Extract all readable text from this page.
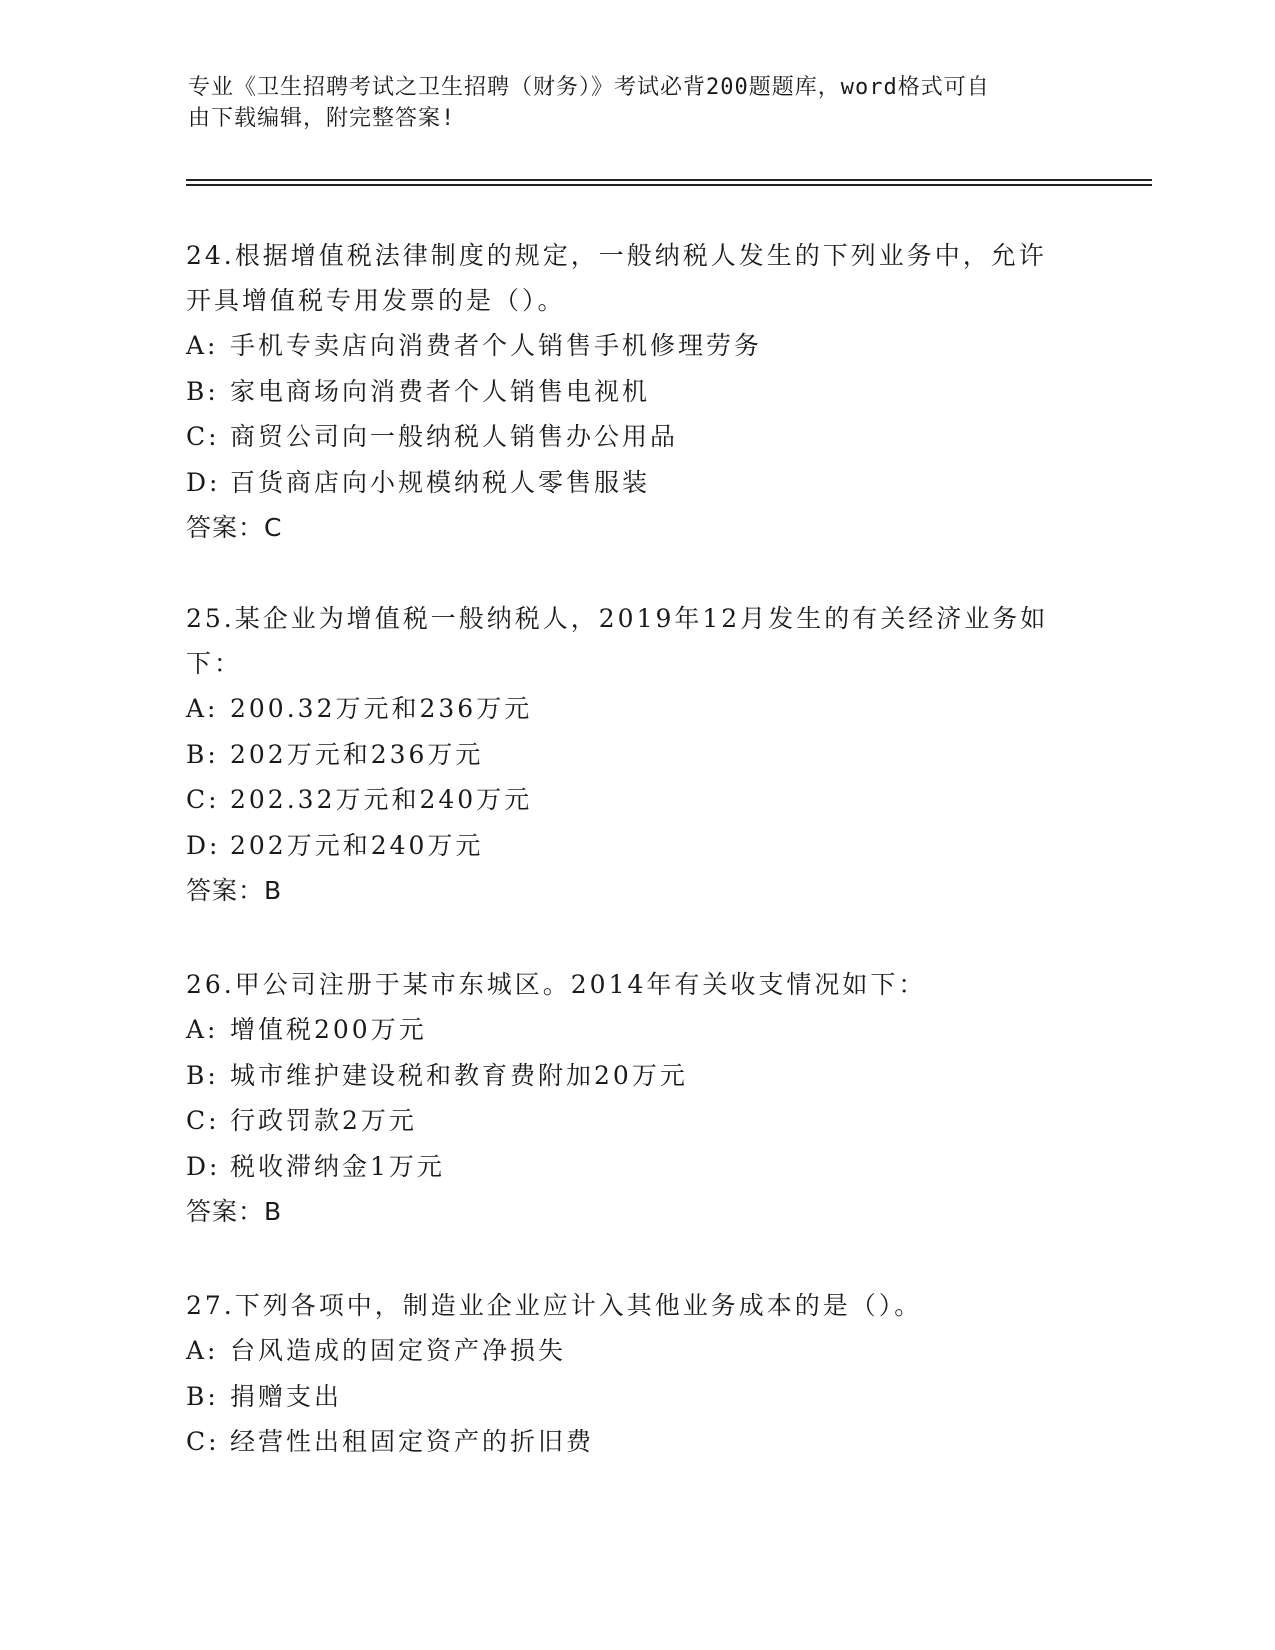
专业《卫生招聘考试之卫生招聘（财务）》考试必背200题题库，word格式可自
由下载编辑，附完整答案!

24.根据增值税法律制度的规定，一般纳税人发生的下列业务中，允许
开具增值税专用发票的是（）。

A: 手机专卖店向消费者个人销售手机修理劳务

B: 家电商场向消费者个人销售电视机

C: 商贸公司向一般纳税人销售办公用品

D: 百货商店向小规模纳税人零售服装

答案：C

25.某企业为增值税一般纳税人，2019年12月发生的有关经济业务如
下：

A: 200.32万元和236万元

B: 202万元和236万元

C: 202.32万元和240万元

D: 202万元和240万元

答案：B

26.甲公司注册于某市东城区。2014年有关收支情况如下：

A: 增值税200万元

B: 城市维护建设税和教育费附加20万元

C: 行政罚款2万元

D: 税收滞纳金1万元

答案：B

27.下列各项中，制造业企业应计入其他业务成本的是（）。

A: 台风造成的固定资产净损失

B: 捐赠支出

C: 经营性出租固定资产的折旧费
